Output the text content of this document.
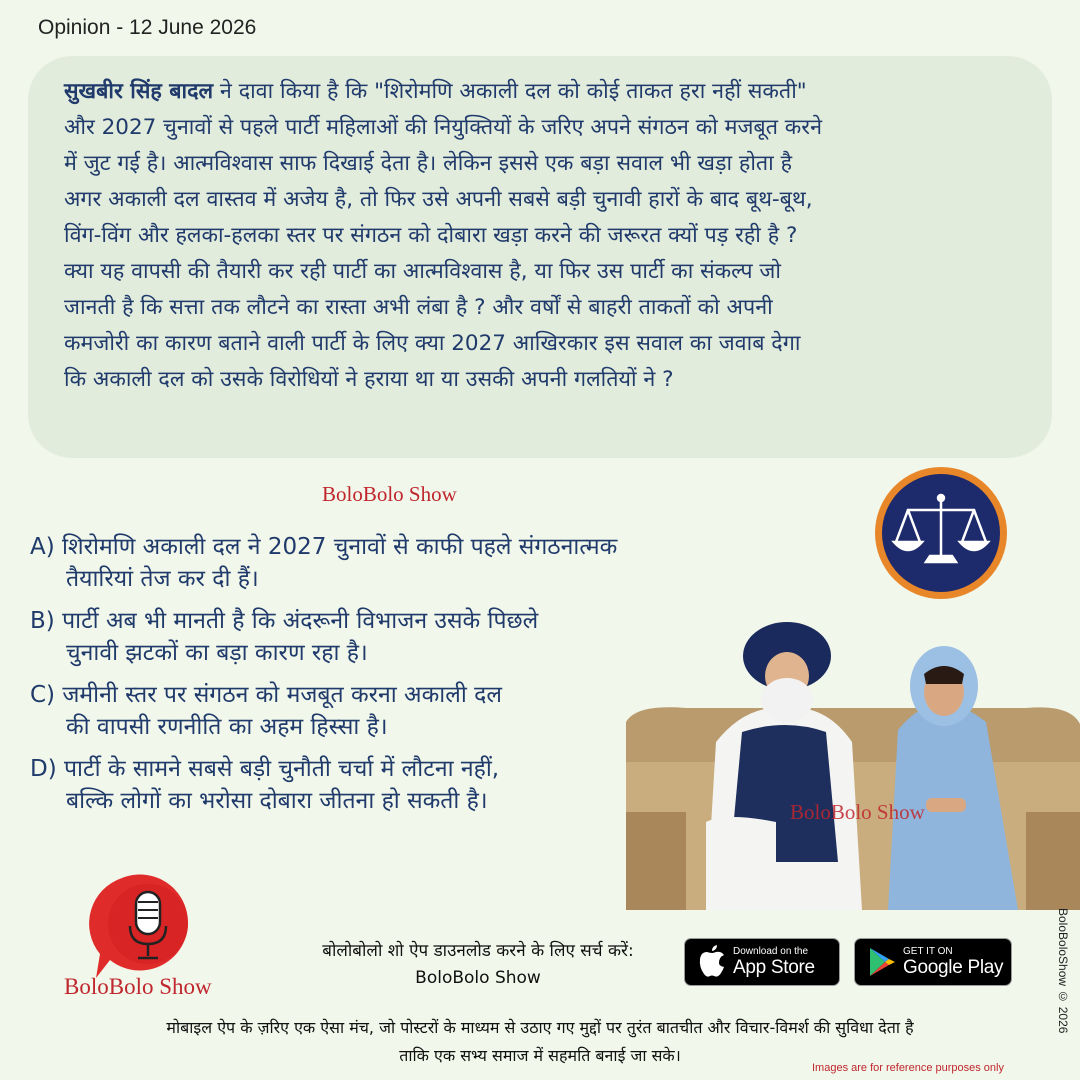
Opinion - 12 June 2026

सुखबीर सिंह बादल ने दावा किया है कि "शिरोमणि अकाली दल को कोई ताकत हरा नहीं सकती"
और 2027 चुनावों से पहले पार्टी महिलाओं की नियुक्तियों के जरिए अपने संगठन को मजबूत करने
में जुट गई है। आत्मविश्वास साफ दिखाई देता है। लेकिन इससे एक बड़ा सवाल भी खड़ा होता है
अगर अकाली दल वास्तव में अजेय है, तो फिर उसे अपनी सबसे बड़ी चुनावी हारों के बाद बूथ-बूथ,
विंग-विंग और हलका-हलका स्तर पर संगठन को दोबारा खड़ा करने की जरूरत क्यों पड़ रही है ?
क्या यह वापसी की तैयारी कर रही पार्टी का आत्मविश्वास है, या फिर उस पार्टी का संकल्प जो
जानती है कि सत्ता तक लौटने का रास्ता अभी लंबा है ? और वर्षों से बाहरी ताकतों को अपनी
कमजोरी का कारण बताने वाली पार्टी के लिए क्या 2027 आखिरकार इस सवाल का जवाब देगा
कि अकाली दल को उसके विरोधियों ने हराया था या उसकी अपनी गलतियों ने ?

BoloBolo Show
A) शिरोमणि अकाली दल ने 2027 चुनावों से काफी पहले संगठनात्मक
तैयारियां तेज कर दी हैं।
B) पार्टी अब भी मानती है कि अंदरूनी विभाजन उसके पिछले
चुनावी झटकों का बड़ा कारण रहा है।
C) जमीनी स्तर पर संगठन को मजबूत करना अकाली दल
की वापसी रणनीति का अहम हिस्सा है।
D) पार्टी के सामने सबसे बड़ी चुनौती चर्चा में लौटना नहीं,
बल्कि लोगों का भरोसा दोबारा जीतना हो सकती है।	BoloBolo Show
BoloBolo Show
बोलोबोलो शो ऐप डाउनलोड करने के लिए सर्च करें:
BoloBolo Show
Download on the
App Store
GET IT ON
Google Play	BoloBoloShow © 2026
मोबाइल ऐप के ज़रिए एक ऐसा मंच, जो पोस्टरों के माध्यम से उठाए गए मुद्दों पर तुरंत बातचीत और विचार-विमर्श की सुविधा देता है
ताकि एक सभ्य समाज में सहमति बनाई जा सके।
Images are for reference purposes only
